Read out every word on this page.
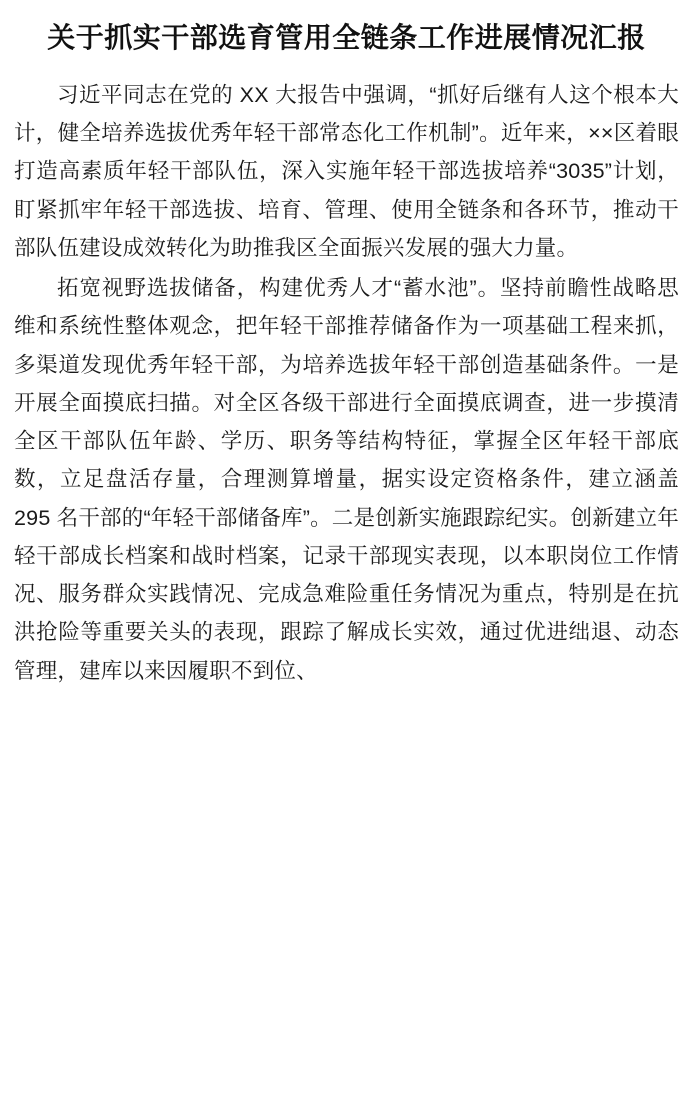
关于抓实干部选育管用全链条工作进展情况汇报

习近平同志在党的 XX 大报告中强调，“抓好后继有人这个根本大计，健全培养选拔优秀年轻干部常态化工作机制”。近年来，××区着眼打造高素质年轻干部队伍，深入实施年轻干部选拔培养“3035”计划，盯紧抓牢年轻干部选拔、培育、管理、使用全链条和各环节，推动干部队伍建设成效转化为助推我区全面振兴发展的强大力量。

拓宽视野选拔储备，构建优秀人才“蓄水池”。坚持前瞻性战略思维和系统性整体观念，把年轻干部推荐储备作为一项基础工程来抓，多渠道发现优秀年轻干部，为培养选拔年轻干部创造基础条件。一是开展全面摸底扫描。对全区各级干部进行全面摸底调查，进一步摸清全区干部队伍年龄、学历、职务等结构特征，掌握全区年轻干部底数，立足盘活存量，合理测算增量，据实设定资格条件，建立涵盖 295 名干部的“年轻干部储备库”。二是创新实施跟踪纪实。创新建立年轻干部成长档案和战时档案，记录干部现实表现，以本职岗位工作情况、服务群众实践情况、完成急难险重任务情况为重点，特别是在抗洪抢险等重要关头的表现，跟踪了解成长实效，通过优进绌退、动态管理，建库以来因履职不到位、
